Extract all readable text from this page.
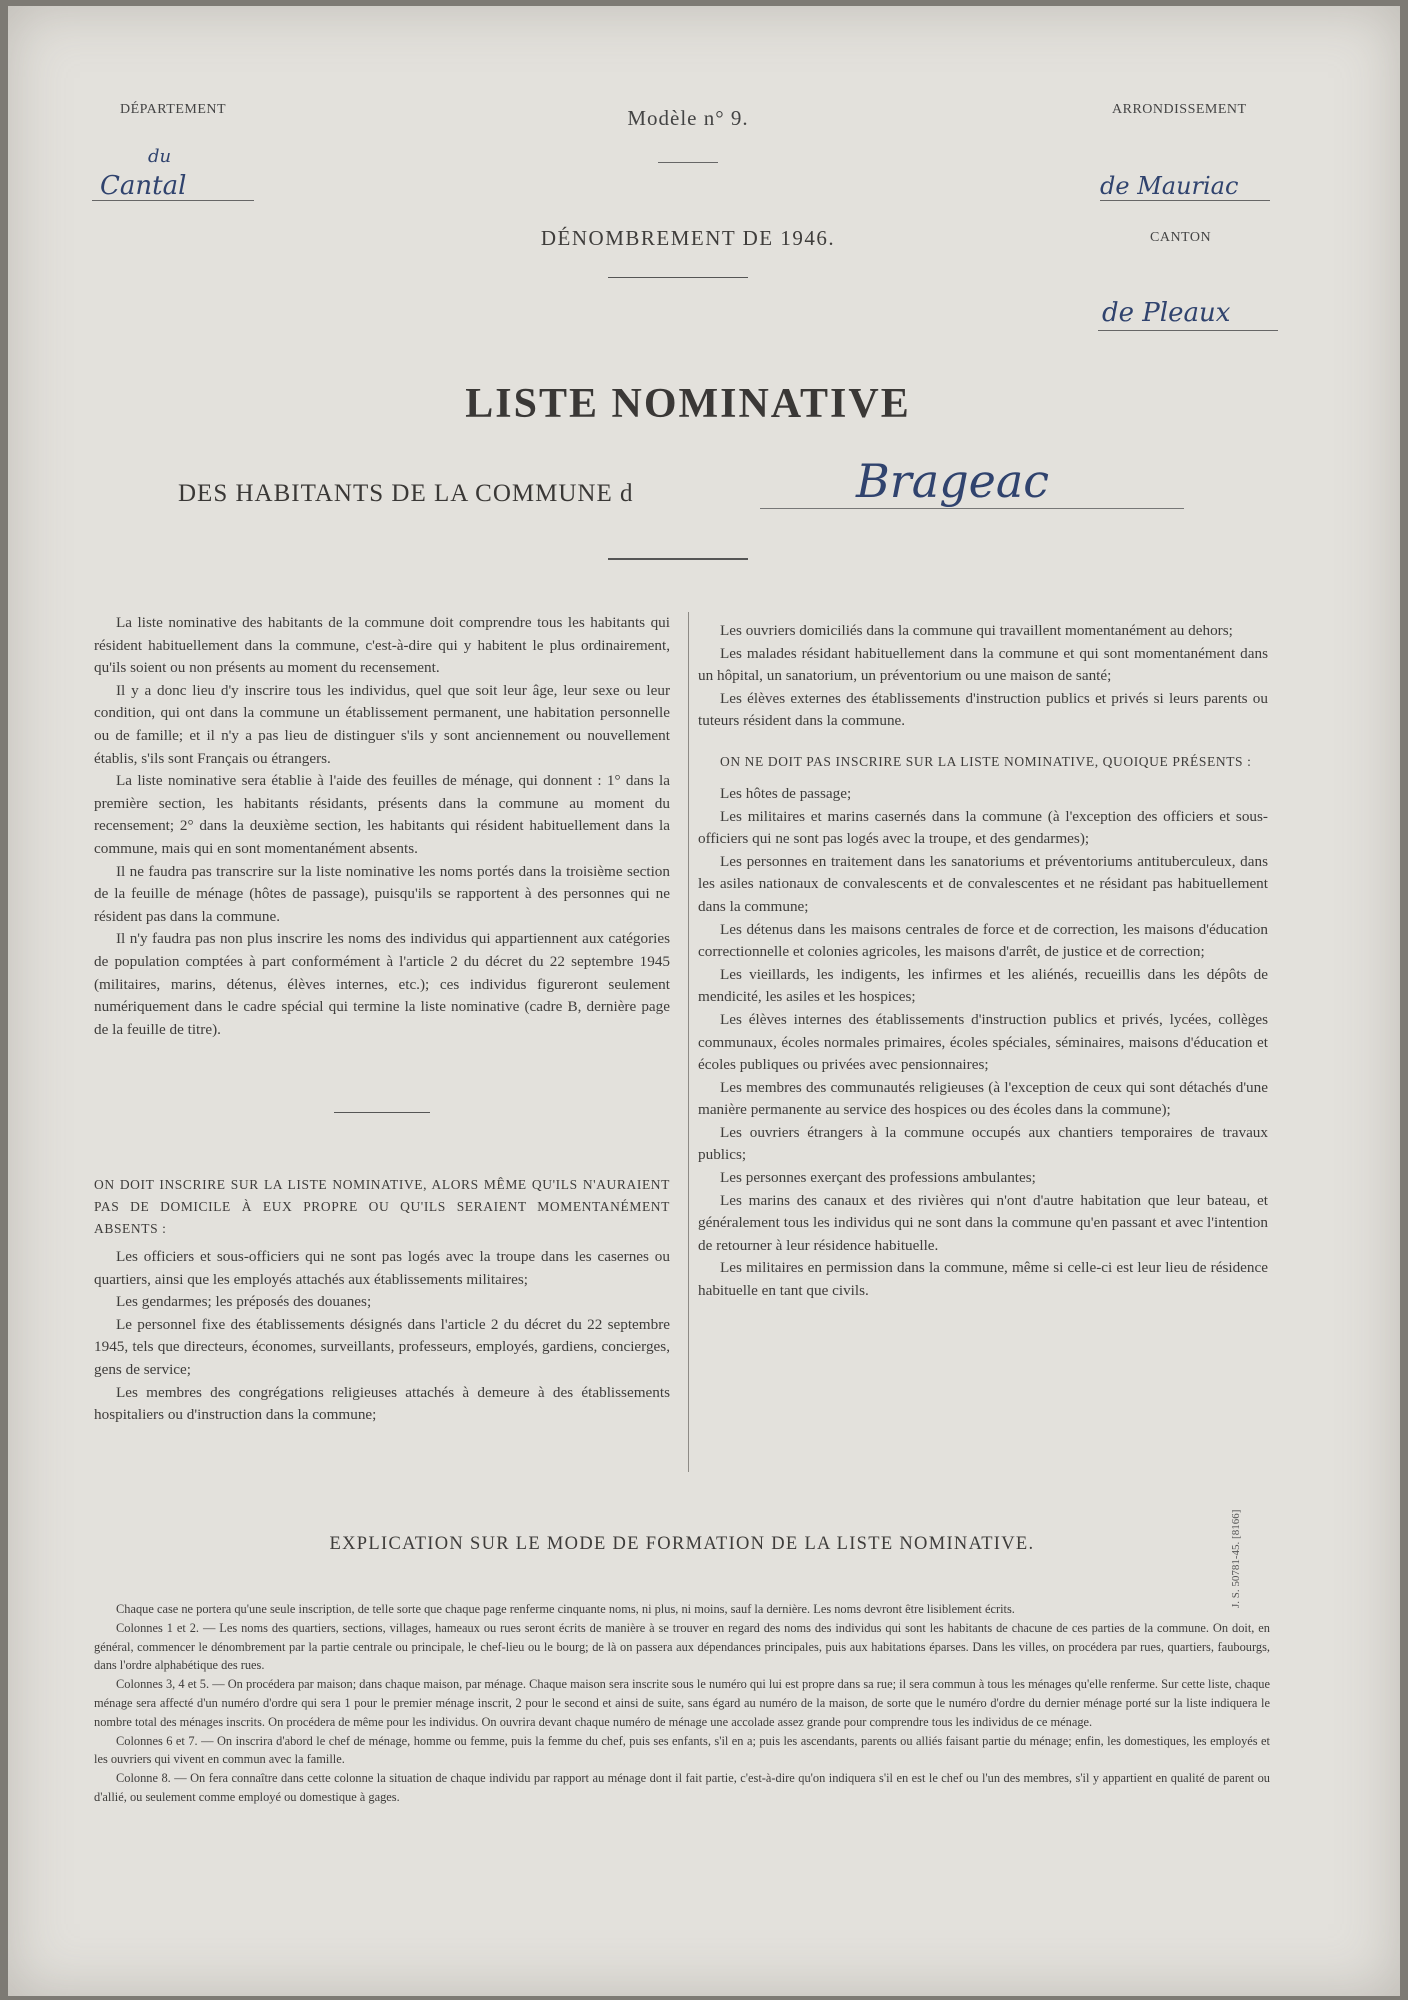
DÉPARTEMENT
du
Cantal
Modèle n° 9.
DÉNOMBREMENT DE 1946.
ARRONDISSEMENT
de Mauriac
CANTON
de Pleaux
LISTE NOMINATIVE
DES HABITANTS DE LA COMMUNE d	Brageac

La liste nominative des habitants de la commune doit comprendre tous les habitants qui résident habituellement dans la commune, c'est-à-dire qui y habitent le plus ordinairement, qu'ils soient ou non présents au moment du recensement.

Il y a donc lieu d'y inscrire tous les individus, quel que soit leur âge, leur sexe ou leur condition, qui ont dans la commune un établissement permanent, une habitation personnelle ou de famille; et il n'y a pas lieu de distinguer s'ils y sont anciennement ou nouvellement établis, s'ils sont Français ou étrangers.

La liste nominative sera établie à l'aide des feuilles de ménage, qui donnent : 1° dans la première section, les habitants résidants, présents dans la commune au moment du recensement; 2° dans la deuxième section, les habitants qui résident habituellement dans la commune, mais qui en sont momentanément absents.

Il ne faudra pas transcrire sur la liste nominative les noms portés dans la troisième section de la feuille de ménage (hôtes de passage), puisqu'ils se rapportent à des personnes qui ne résident pas dans la commune.

Il n'y faudra pas non plus inscrire les noms des individus qui appartiennent aux catégories de population comptées à part conformément à l'article 2 du décret du 22 septembre 1945 (militaires, marins, détenus, élèves internes, etc.); ces individus figureront seulement numériquement dans le cadre spécial qui termine la liste nominative (cadre B, dernière page de la feuille de titre).

ON DOIT INSCRIRE SUR LA LISTE NOMINATIVE, ALORS MÊME QU'ILS N'AURAIENT PAS DE DOMICILE À EUX PROPRE OU QU'ILS SERAIENT MOMENTANÉMENT ABSENTS :

Les officiers et sous-officiers qui ne sont pas logés avec la troupe dans les casernes ou quartiers, ainsi que les employés attachés aux établissements militaires;

Les gendarmes; les préposés des douanes;

Le personnel fixe des établissements désignés dans l'article 2 du décret du 22 septembre 1945, tels que directeurs, économes, surveillants, professeurs, employés, gardiens, concierges, gens de service;

Les membres des congrégations religieuses attachés à demeure à des établissements hospitaliers ou d'instruction dans la commune;

Les ouvriers domiciliés dans la commune qui travaillent momentanément au dehors;

Les malades résidant habituellement dans la commune et qui sont momentanément dans un hôpital, un sanatorium, un préventorium ou une maison de santé;

Les élèves externes des établissements d'instruction publics et privés si leurs parents ou tuteurs résident dans la commune.

ON NE DOIT PAS INSCRIRE SUR LA LISTE NOMINATIVE, QUOIQUE PRÉSENTS :

Les hôtes de passage;

Les militaires et marins casernés dans la commune (à l'exception des officiers et sous-officiers qui ne sont pas logés avec la troupe, et des gendarmes);

Les personnes en traitement dans les sanatoriums et préventoriums antituberculeux, dans les asiles nationaux de convalescents et de convalescentes et ne résidant pas habituellement dans la commune;

Les détenus dans les maisons centrales de force et de correction, les maisons d'éducation correctionnelle et colonies agricoles, les maisons d'arrêt, de justice et de correction;

Les vieillards, les indigents, les infirmes et les aliénés, recueillis dans les dépôts de mendicité, les asiles et les hospices;

Les élèves internes des établissements d'instruction publics et privés, lycées, collèges communaux, écoles normales primaires, écoles spéciales, séminaires, maisons d'éducation et écoles publiques ou privées avec pensionnaires;

Les membres des communautés religieuses (à l'exception de ceux qui sont détachés d'une manière permanente au service des hospices ou des écoles dans la commune);

Les ouvriers étrangers à la commune occupés aux chantiers temporaires de travaux publics;

Les personnes exerçant des professions ambulantes;

Les marins des canaux et des rivières qui n'ont d'autre habitation que leur bateau, et généralement tous les individus qui ne sont dans la commune qu'en passant et avec l'intention de retourner à leur résidence habituelle.

Les militaires en permission dans la commune, même si celle-ci est leur lieu de résidence habituelle en tant que civils.

EXPLICATION SUR LE MODE DE FORMATION DE LA LISTE NOMINATIVE.

Chaque case ne portera qu'une seule inscription, de telle sorte que chaque page renferme cinquante noms, ni plus, ni moins, sauf la dernière. Les noms devront être lisiblement écrits.

Colonnes 1 et 2. — Les noms des quartiers, sections, villages, hameaux ou rues seront écrits de manière à se trouver en regard des noms des individus qui sont les habitants de chacune de ces parties de la commune. On doit, en général, commencer le dénombrement par la partie centrale ou principale, le chef-lieu ou le bourg; de là on passera aux dépendances principales, puis aux habitations éparses. Dans les villes, on procédera par rues, quartiers, faubourgs, dans l'ordre alphabétique des rues.

Colonnes 3, 4 et 5. — On procédera par maison; dans chaque maison, par ménage. Chaque maison sera inscrite sous le numéro qui lui est propre dans sa rue; il sera commun à tous les ménages qu'elle renferme. Sur cette liste, chaque ménage sera affecté d'un numéro d'ordre qui sera 1 pour le premier ménage inscrit, 2 pour le second et ainsi de suite, sans égard au numéro de la maison, de sorte que le numéro d'ordre du dernier ménage porté sur la liste indiquera le nombre total des ménages inscrits. On procédera de même pour les individus. On ouvrira devant chaque numéro de ménage une accolade assez grande pour comprendre tous les individus de ce ménage.

Colonnes 6 et 7. — On inscrira d'abord le chef de ménage, homme ou femme, puis la femme du chef, puis ses enfants, s'il en a; puis les ascendants, parents ou alliés faisant partie du ménage; enfin, les domestiques, les employés et les ouvriers qui vivent en commun avec la famille.

Colonne 8. — On fera connaître dans cette colonne la situation de chaque individu par rapport au ménage dont il fait partie, c'est-à-dire qu'on indiquera s'il en est le chef ou l'un des membres, s'il y appartient en qualité de parent ou d'allié, ou seulement comme employé ou domestique à gages.

J. S. 50781-45. [8166]
